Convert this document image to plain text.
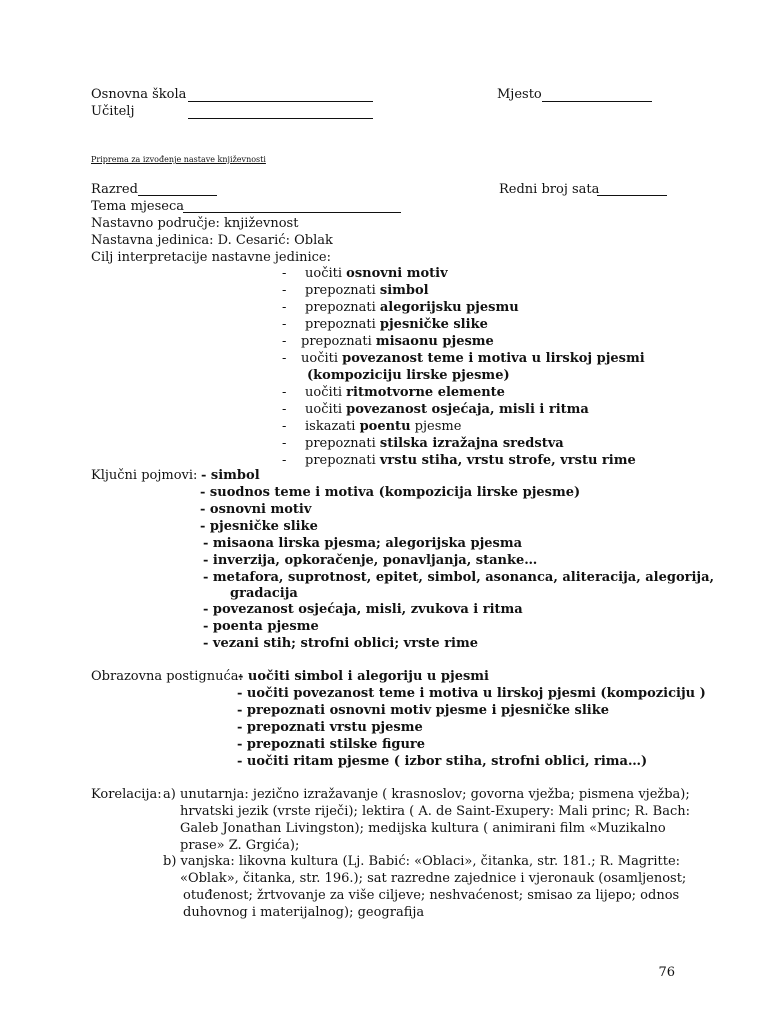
Osnovna škola	Mjesto
Učitelj
Priprema za izvođenje nastave književnosti
Razred	Redni broj sata
Tema mjeseca
Nastavno područje: književnost
Nastavna jedinica: D. Cesarić: Oblak
Cilj interpretacije nastavne jedinice:
- uočiti osnovni motiv
- prepoznati simbol
- prepoznati alegorijsku pjesmu
- prepoznati pjesničke slike
- prepoznati misaonu pjesme
- uočiti povezanost teme i motiva u lirskoj pjesmi
(kompoziciju lirske pjesme)
- uočiti ritmotvorne elemente
- uočiti povezanost osjećaja, misli i ritma
- iskazati poentu pjesme
- prepoznati stilska izražajna sredstva
- prepoznati vrstu stiha, vrstu strofe, vrstu rime
Ključni pojmovi: - simbol
- suodnos teme i motiva (kompozicija lirske pjesme)
- osnovni motiv
- pjesničke slike
- misaona lirska pjesma; alegorijska pjesma
- inverzija, opkoračenje, ponavljanja, stanke…
- metafora, suprotnost, epitet, simbol, asonanca, aliteracija, alegorija,
gradacija
- povezanost osjećaja, misli, zvukova i ritma
- poenta pjesme
- vezani stih; strofni oblici; vrste rime
Obrazovna postignuća:
- uočiti simbol i alegoriju u pjesmi
- uočiti povezanost teme i motiva u lirskoj pjesmi (kompoziciju )
- prepoznati osnovni motiv pjesme i pjesničke slike
- prepoznati vrstu pjesme
- prepoznati stilske figure
- uočiti ritam pjesme ( izbor stiha, strofni oblici, rima…)
Korelacija: a) unutarnja: jezično izražavanje ( krasnoslov; govorna vježba; pismena vježba);
hrvatski jezik (vrste riječi); lektira ( A. de Saint-Exupery: Mali princ; R. Bach:
Galeb Jonathan Livingston); medijska kultura ( animirani film «Muzikalno
prase» Z. Grgića);
b) vanjska: likovna kultura (Lj. Babić: «Oblaci», čitanka, str. 181.; R. Magritte:
«Oblak», čitanka, str. 196.); sat razredne zajednice i vjeronauk (osamljenost;
otuđenost; žrtvovanje za više ciljeve; neshvaćenost; smisao za lijepo; odnos
duhovnog i materijalnog); geografija
76
